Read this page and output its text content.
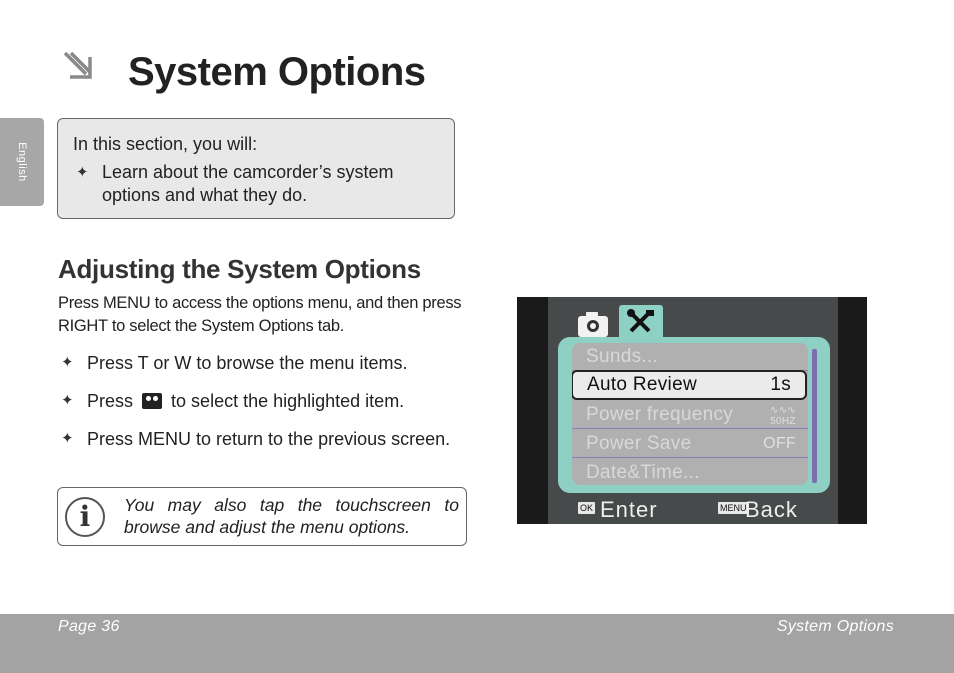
English
System Options

In this section, you will:

✦ Learn about the camcorder’s system options and what they do.
Adjusting the System Options

Press MENU to access the options menu, and then press RIGHT to select the System Options tab.

✦ Press T or W to browse the menu items.
✦ Press to select the highlighted item.
✦ Press MENU to return to the previous screen.
i	You may also tap the touchscreen to browse and adjust the menu options.
Sunds...
Auto Review	1s
Power frequency	∿∿∿
50HZ
Power Save	OFF
Date&Time...
OK Enter	MENU
Back
Page 36	System Options
